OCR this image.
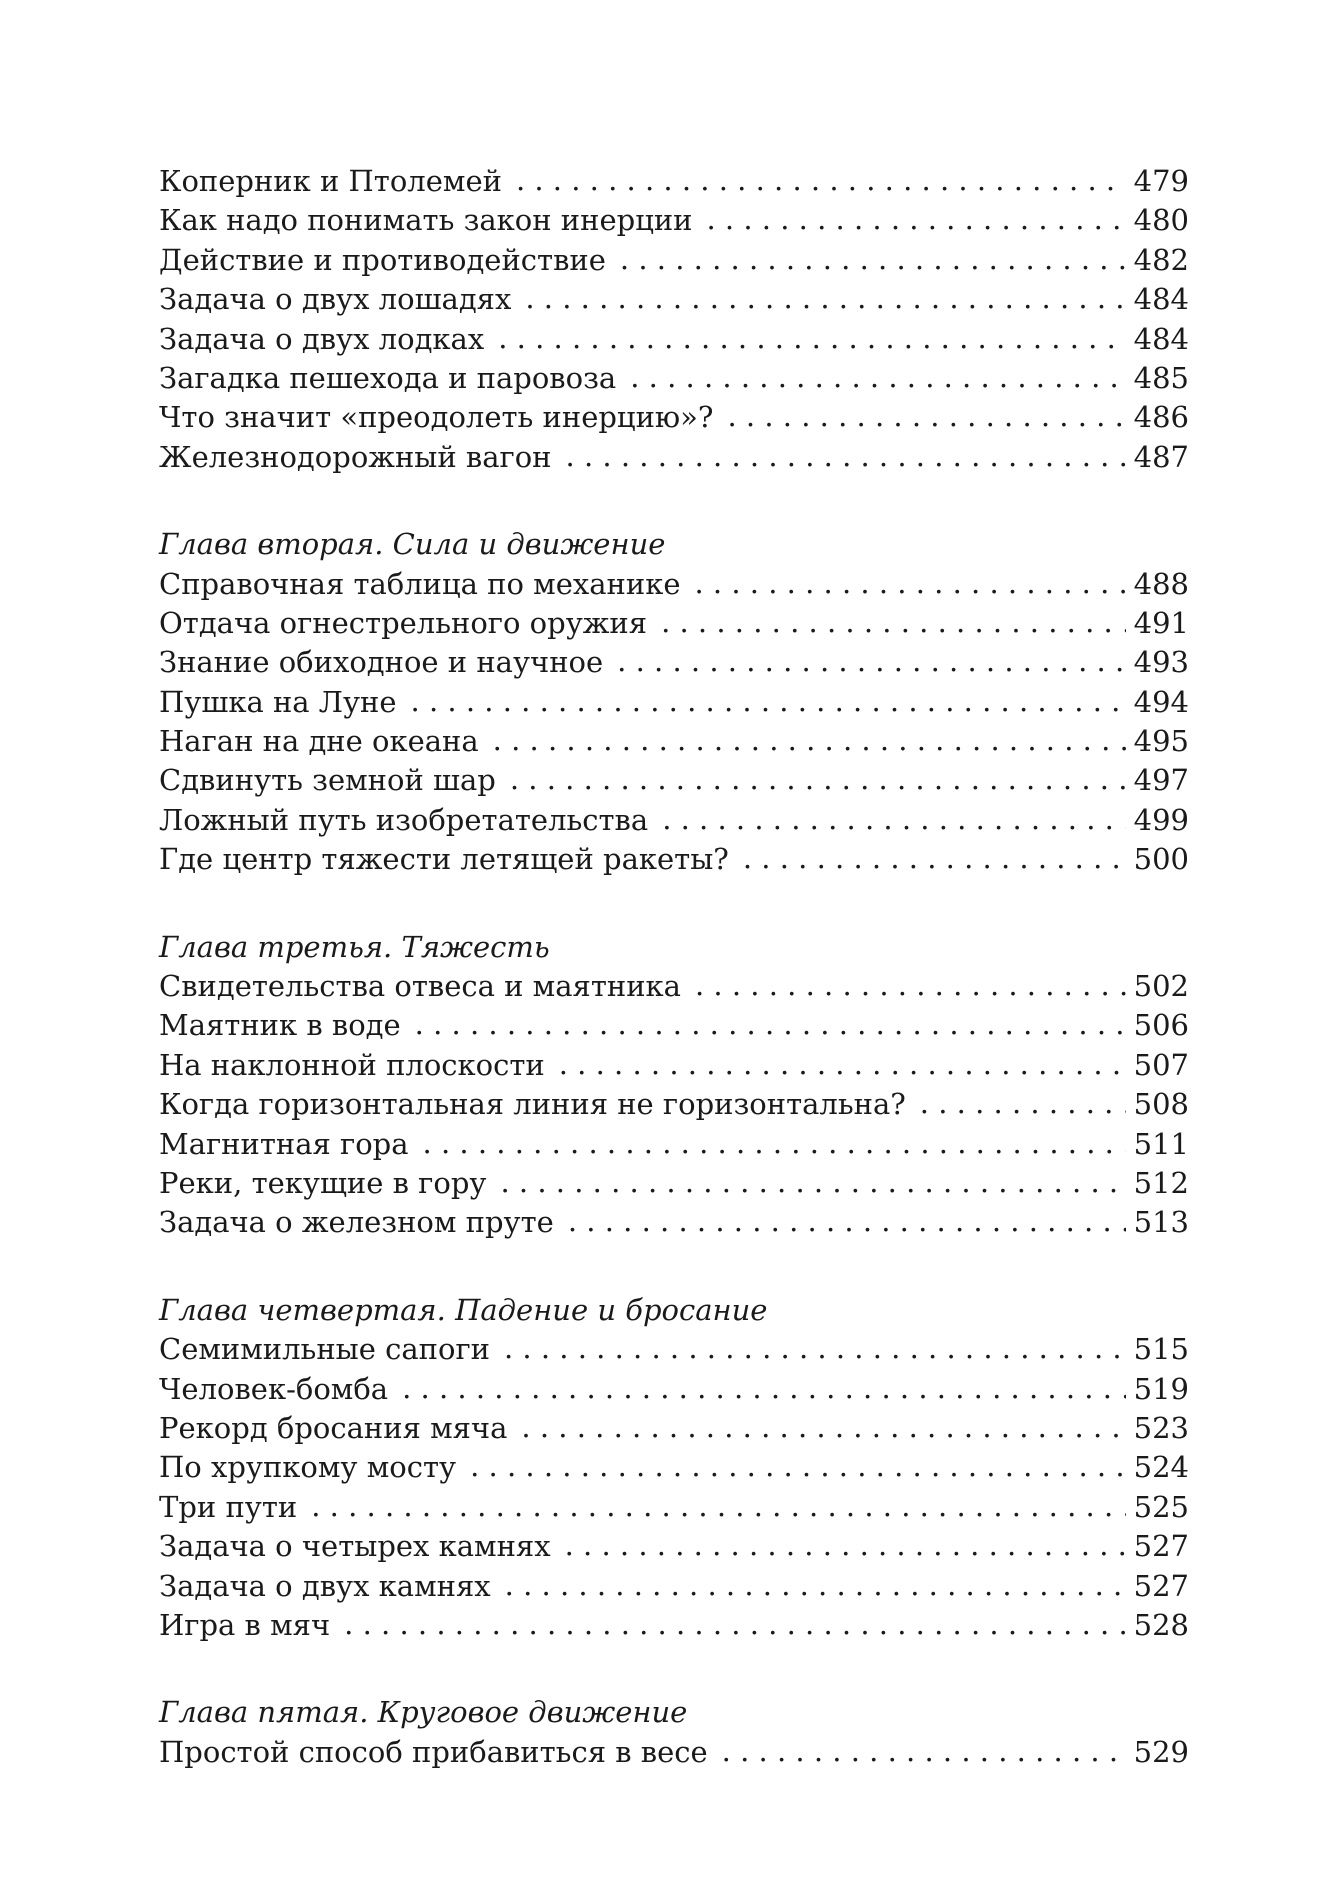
Коперник и Птолемей . . .	479
Как надо понимать закон инерции . . .	480
Действие и противодействие . . .	482
Задача о двух лошадях . . .	484
Задача о двух лодках . . .	484
Загадка пешехода и паровоза . . .	485
Что значит «преодолеть инерцию»? . . .	486
Железнодорожный вагон . . .	487
Глава вторая. Сила и движение
Справочная таблица по механике . . .	488
Отдача огнестрельного оружия . . .	491
Знание обиходное и научное . . .	493
Пушка на Луне . . .	494
Наган на дне океана . . .	495
Сдвинуть земной шар . . .	497
Ложный путь изобретательства . . .	499
Где центр тяжести летящей ракеты? . . .	500
Глава третья. Тяжесть
Свидетельства отвеса и маятника . . .	502
Маятник в воде . . .	506
На наклонной плоскости . . .	507
Когда горизонтальная линия не горизонтальна? . . .	508
Магнитная гора . . .	511
Реки, текущие в гору . . .	512
Задача о железном пруте . . .	513
Глава четвертая. Падение и бросание
Семимильные сапоги . . .	515
Человек-бомба . . .	519
Рекорд бросания мяча . . .	523
По хрупкому мосту . . .	524
Три пути . . .	525
Задача о четырех камнях . . .	527
Задача о двух камнях . . .	527
Игра в мяч . . .	528
Глава пятая. Круговое движение
Простой способ прибавиться в весе . . .	529
